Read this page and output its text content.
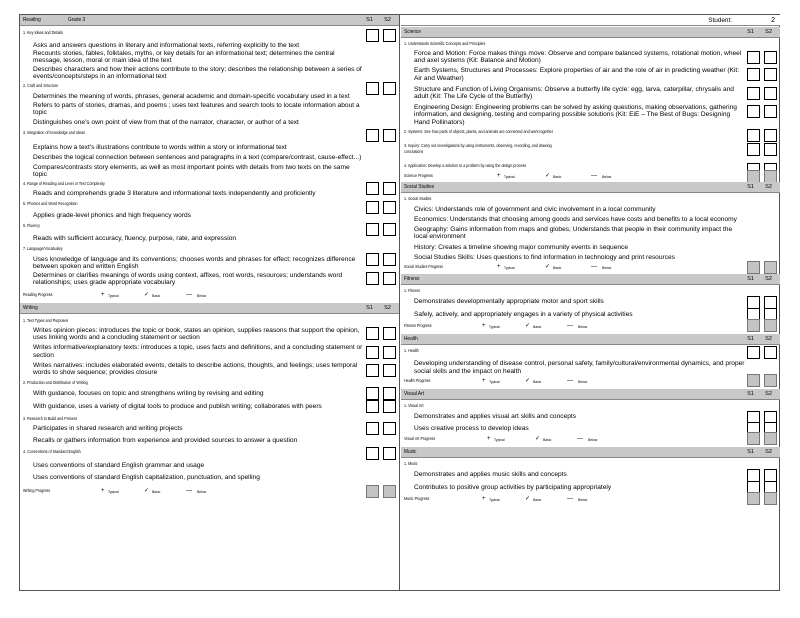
Reading	Grade 3	S1 S2
1. Key Ideas and Details
Asks and answers questions in literary and informational texts, referring explicitly to the text
Recounts stories, fables, folktales, myths, or key details for an informational text; determines the central message, lesson, moral or main idea of the text
Describes characters and how their actions contribute to the story; describes the relationship between a series of events/concepts/steps in an informational text
2. Craft and Structure
Determines the meaning of words, phrases, general academic and domain-specific vocabulary used in a text
Refers to parts of stories, dramas, and poems ; uses text features and search tools to locate information about a topic
Distinguishes one's own point of view from that of the narrator, character, or author of a text
3. Integration of Knowledge and Ideas
Explains how a text's illustrations contribute to words within a story or informational text
Describes the logical connection between sentences and paragraphs in a text (compare/contrast, cause-effect...)
Compares/contrasts story elements, as well as most important points with details from two texts on the same topic
4. Range of Reading and Level or Text Complexity
Reads and comprehends grade 3 literature and informational texts independently and proficiently
5. Phonics and Word Recognition
Applies grade-level phonics and high frequency words
6. Fluency
Reads with sufficient accuracy, fluency, purpose, rate, and expression
7. Language/Vocabulary
Uses knowledge of language and its conventions; chooses words and phrases for effect; recognizes difference between spoken and written English
Determines or clarifies meanings of words using context, affixes, root words, resources; understands word relationships; uses grade appropriate vocabulary
Reading Progress	+ Typical	✓ Basic	— Below
Writing	S1 S2
1. Text Types and Purposes
Writes opinion pieces: introduces the topic or book, states an opinion, supplies reasons that support the opinion, uses linking words and a concluding statement or section
Writes informative/explanatory texts: introduces a topic, uses facts and definitions, and a concluding statement or section
Writes narratives: includes elaborated events, details to describe actions, thoughts, and feelings; uses temporal words to show sequence; provides closure
2. Production and Distribution of Writing
With guidance, focuses on topic and strengthens writing by revising and editing
With guidance, uses a variety of digital tools to produce and publish writing; collaborates with peers
3. Research to Build and Present
Participates in shared research and writing projects
Recalls or gathers information from experience and provided sources to answer a question
4. Conventions of Standard English
Uses conventions of standard English grammar and usage
Uses conventions of standard English capitalization, punctuation, and spelling
Writing Progress	+ Typical	✓ Basic	— Below
Student:	2
Science	S1 S2
1. Understands Scientific Concepts and Principles
Force and Motion: Force makes things move: Observe and compare balanced systems, rotational motion, wheel and axel systems (Kit: Balance and Motion)
Earth Systems, Structures and Processes: Explore properties of air and the role of air in predicting weather (Kit: Air and Weather)
Structure and Function of Living Organisms: Observe a butterfly life cycle: egg, larva, caterpillar, chrysalis and adult (Kit: The Life Cycle of the Butterfly)
Engineering Design: Engineering problems can be solved by asking questions, making observations, gathering information, and designing, testing and comparing possible solutions (Kit: EiE – The Best of Bugs: Designing Hand Pollinators)
2. Systems: See how parts of objects, plants, and animals are connected and work together
3. Inquiry: Carry out investigations by using instruments, observing, recording, and drawing conclusions
4. Application: Develop a solution to a problem by using the design process
Science Progress	+ Typical	✓ Basic	— Below
Social Studies	S1 S2
1. Social Studies
Civics: Understands role of government and civic involvement in a local community
Economics: Understands that choosing among goods and services have costs and benefits to a local economy
Geography: Gains information from maps and globes; Understands that people in their community impact the local environment
History: Creates a timeline showing major community events in sequence
Social Studies Skills: Uses questions to find information in technology and print resources
Social Studies Progress	+ Typical	✓ Basic	— Below
Fitness	S1 S2
1. Fitness
Demonstrates developmentally appropriate motor and sport skills
Safely, actively, and appropriately engages in a variety of physical activities
Fitness Progress	+ Typical	✓ Basic	— Below
Health	S1 S2
1. Health
Developing understanding of disease control, personal safety, family/cultural/environmental dynamics, and proper social skills and the impact on health
Health Progress	+ Typical	✓ Basic	— Below
Visual Art	S1 S2
1. Visual Art
Demonstrates and applies visual art skills and concepts
Uses creative process to develop ideas
Visual Art Progress	+ Typical	✓ Basic	— Below
Music	S1 S2
1. Music
Demonstrates and applies music skills and concepts
Contributes to positive group activities by participating appropriately
Music Progress	+ Typical	✓ Basic	— Below
